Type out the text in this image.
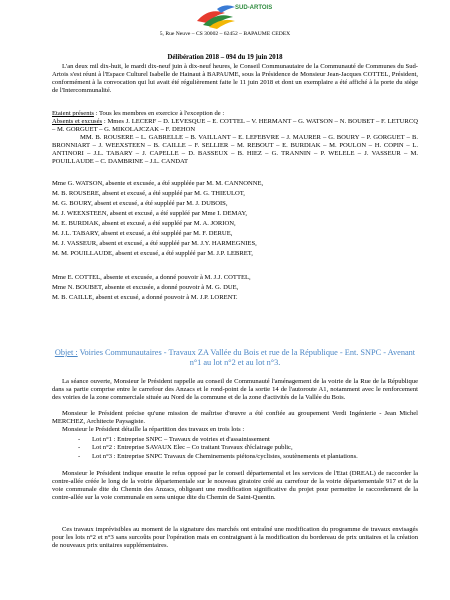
SUD-ARTOIS
5, Rue Neuve – CS 30002 – 62452 – BAPAUME CEDEX
Délibération 2018 – 094 du 19 juin 2018
L'an deux mil dix-huit, le mardi dix-neuf juin à dix-neuf heures, le Conseil Communautaire de la Communauté de Communes du Sud-Artois s'est réuni à l'Espace Culturel Isabelle de Hainaut à BAPAUME, sous la Présidence de Monsieur Jean-Jacques COTTEL, Président, conformément à la convocation qui lui avait été régulièrement faite le 11 juin 2018 et dont un exemplaire a été affiché à la porte du siège de l'Intercommunalité.
Etaient présents : Tous les membres en exercice à l'exception de :
Absents et excusés : Mmes J. LECERF – D. LEVESQUE – E. COTTEL – V. HERMANT – G. WATSON – N. BOUBET – F. LETURCQ – M. GORGUET – G. MIKOLAJCZAK – F. DEHON
MM. B. ROUSERE – L. GABRELLE – B. VAILLANT – E. LEFEBVRE – J. MAURER – G. BOURY – P. GORGUET – B. BRONNIART – J. WEEXSTEEN – B. CAILLE – F. SELLIER – M. REBOUT – E. BURDIAK – M. POULON – H. COPIN – L. ANTINORI – J.L. TABARY – J. CAPELLE – D. BASSEUX – B. HIEZ – G. TRANNIN – P. WELELE – J. VASSEUR – M. POUILLAUDE – C. DAMBRINE – J.L. CANDAT
Mme G. WATSON, absente et excusée, a été suppléée par M. M. CANNONNE,
M. B. ROUSERE, absent et excusé, a été suppléé par M. G. THIEULOT,
M. G. BOURY, absent et excusé, a été suppléé par M. J. DUBOIS,
M. J. WEEXSTEEN, absent et excusé, a été suppléé par Mme I. DEMAY,
M. E. BURDIAK, absent et excusé, a été suppléé par M. A. JORION,
M. J.L. TABARY, absent et excusé, a été suppléé par M. F. DERUE,
M. J. VASSEUR, absent et excusé, a été suppléé par M. J.Y. HARMEGNIES,
M. M. POUILLAUDE, absent et excusé, a été suppléé par M. J.P. LEBRET,
Mme E. COTTEL, absente et excusée, a donné pouvoir à M. J.J. COTTEL,
Mme N. BOUBET, absente et excusée, a donné pouvoir à M. G. DUE,
M. B. CAILLE, absent et excusé, a donné pouvoir à M. J.P. LORENT.
Objet : Voiries Communautaires - Travaux ZA Vallée du Bois et rue de la République - Ent. SNPC - Avenant n°1 au lot n°2 et au lot n°3.
La séance ouverte, Monsieur le Président rappelle au conseil de Communauté l'aménagement de la voirie de la Rue de la République dans sa partie comprise entre le carrefour des Anzacs et le rond-point de la sortie 14 de l'autoroute A1, notamment avec le renforcement des voiries de la zone commerciale située au Nord de la commune et de la zone d'activités de la Vallée du Bois.
Monsieur le Président précise qu'une mission de maîtrise d'œuvre a été confiée au groupement Verdi Ingénierie - Jean Michel MERCHEZ, Architecte Paysagiste.
Monsieur le Président détaille la répartition des travaux en trois lots :
- Lot n°1 : Entreprise SNPC – Travaux de voiries et d'assainissement
- Lot n°2 : Entreprise SAVAUX Elec – Co traitant Travaux d'éclairage public,
- Lot n°3 : Entreprise SNPC Travaux de Cheminements piétons/cyclistes, soutènements et plantations.
Monsieur le Président indique ensuite le refus opposé par le conseil départemental et les services de l'Etat (DREAL) de raccorder la contre-allée créée le long de la voirie départementale sur le nouveau giratoire créé au carrefour de la voirie départementale 917 et de la voie communale dite du Chemin des Anzacs, obligeant une modification significative du projet pour permettre le raccordement de la contre-allée sur la voie communale en sens unique dite du Chemin de Saint-Quentin.
Ces travaux imprévisibles au moment de la signature des marchés ont entraîné une modification du programme de travaux envisagés pour les lots n°2 et n°3 sans surcoûts pour l'opération mais en contraignant à la modification du bordereau de prix unitaires et la création de nouveaux prix unitaires supplémentaires.
